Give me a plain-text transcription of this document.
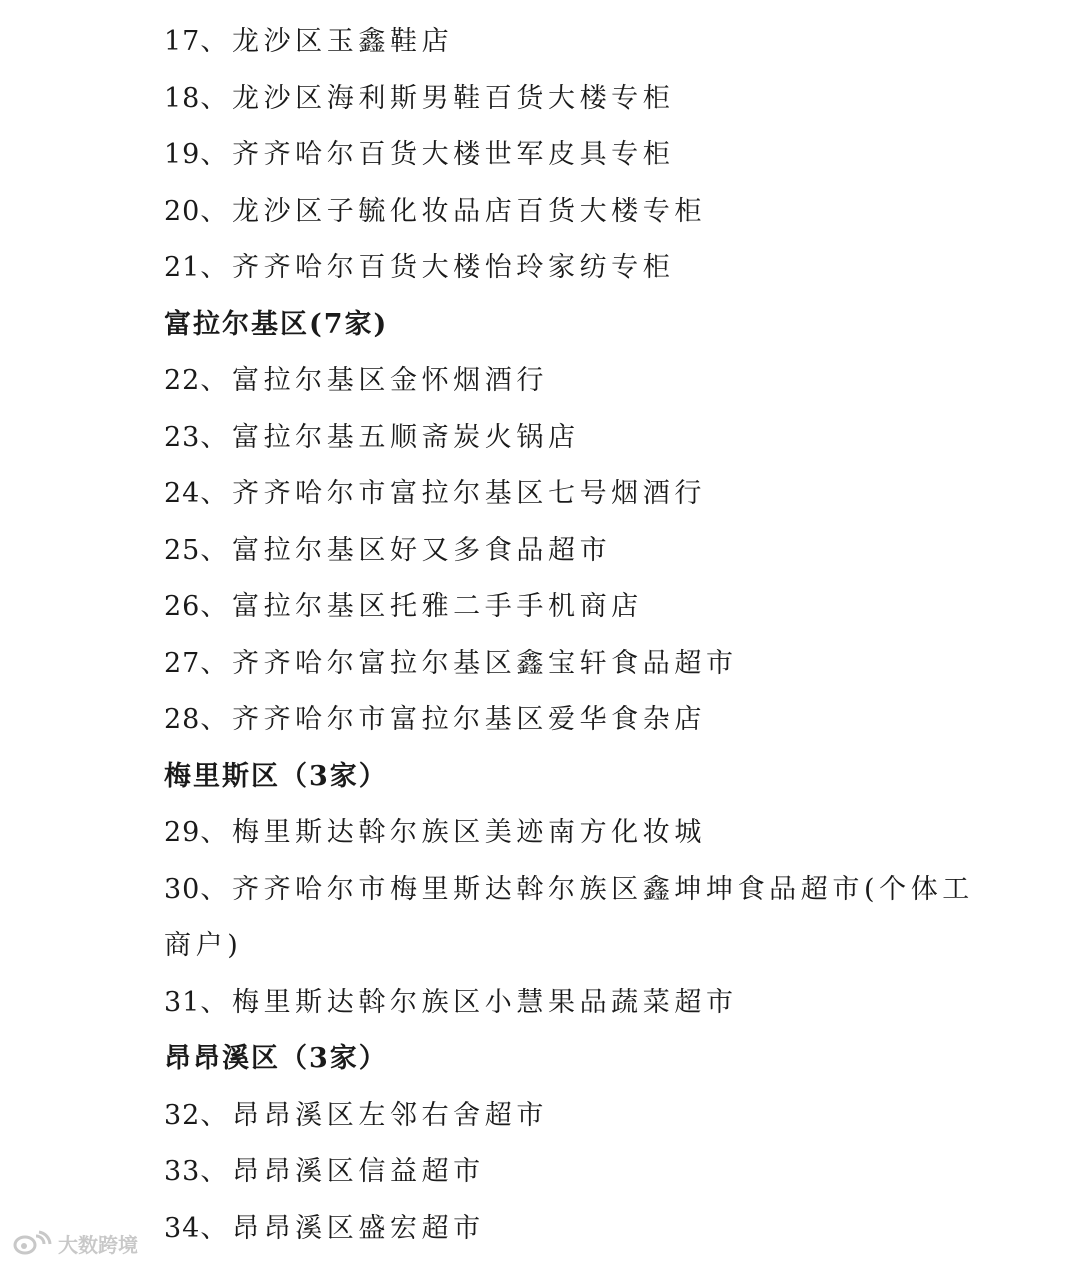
17、龙沙区玉鑫鞋店
18、龙沙区海利斯男鞋百货大楼专柜
19、齐齐哈尔百货大楼世军皮具专柜
20、龙沙区子毓化妆品店百货大楼专柜
21、齐齐哈尔百货大楼怡玲家纺专柜
富拉尔基区(7家)
22、富拉尔基区金怀烟酒行
23、富拉尔基五顺斋炭火锅店
24、齐齐哈尔市富拉尔基区七号烟酒行
25、富拉尔基区好又多食品超市
26、富拉尔基区托雅二手手机商店
27、齐齐哈尔富拉尔基区鑫宝轩食品超市
28、齐齐哈尔市富拉尔基区爱华食杂店
梅里斯区（3家）
29、梅里斯达斡尔族区美迹南方化妆城
30、齐齐哈尔市梅里斯达斡尔族区鑫坤坤食品超市(个体工
商户)
31、梅里斯达斡尔族区小慧果品蔬菜超市
昂昂溪区（3家）
32、昂昂溪区左邻右舍超市
33、昂昂溪区信益超市
34、昂昂溪区盛宏超市
大数跨境
